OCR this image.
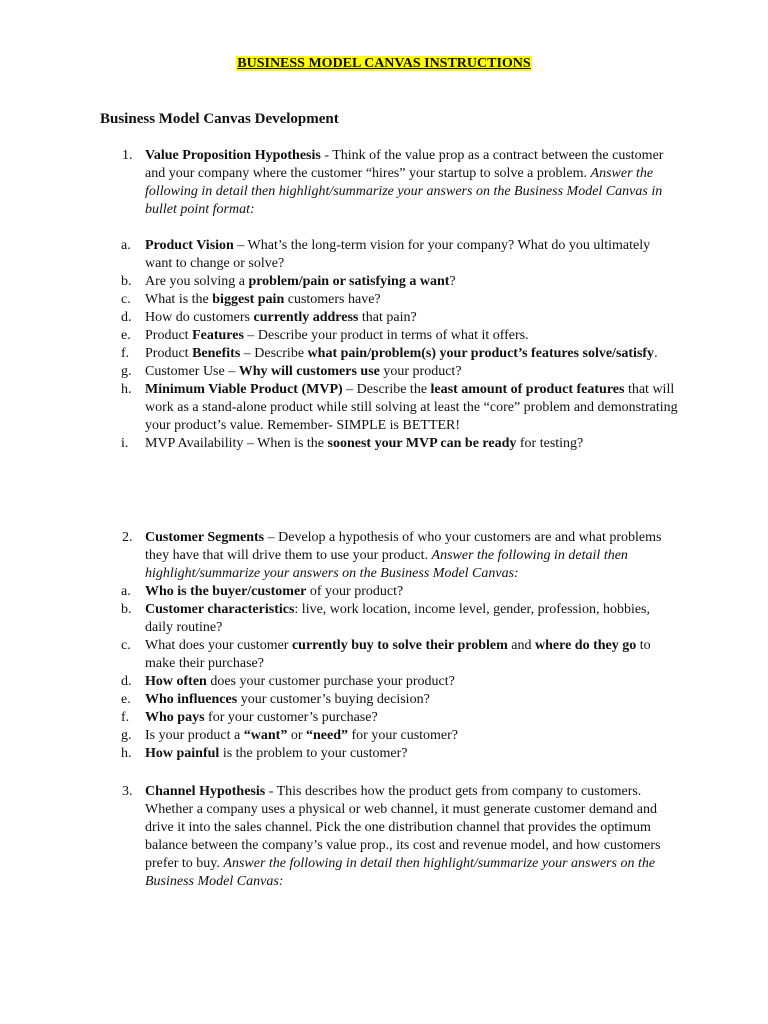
BUSINESS MODEL CANVAS INSTRUCTIONS
Business Model Canvas Development
1. Value Proposition Hypothesis - Think of the value prop as a contract between the customer and your company where the customer “hires” your startup to solve a problem. Answer the following in detail then highlight/summarize your answers on the Business Model Canvas in bullet point format:

a. Product Vision – What’s the long-term vision for your company? What do you ultimately want to change or solve?
b. Are you solving a problem/pain or satisfying a want?
c. What is the biggest pain customers have?
d. How do customers currently address that pain?
e. Product Features – Describe your product in terms of what it offers.
f. Product Benefits – Describe what pain/problem(s) your product’s features solve/satisfy.
g. Customer Use – Why will customers use your product?
h. Minimum Viable Product (MVP) – Describe the least amount of product features that will work as a stand-alone product while still solving at least the “core” problem and demonstrating your product’s value. Remember- SIMPLE is BETTER!
i. MVP Availability – When is the soonest your MVP can be ready for testing?
2. Customer Segments – Develop a hypothesis of who your customers are and what problems they have that will drive them to use your product. Answer the following in detail then highlight/summarize your answers on the Business Model Canvas:

a. Who is the buyer/customer of your product?
b. Customer characteristics: live, work location, income level, gender, profession, hobbies, daily routine?
c. What does your customer currently buy to solve their problem and where do they go to make their purchase?
d. How often does your customer purchase your product?
e. Who influences your customer’s buying decision?
f. Who pays for your customer’s purchase?
g. Is your product a “want” or “need” for your customer?
h. How painful is the problem to your customer?
3. Channel Hypothesis - This describes how the product gets from company to customers. Whether a company uses a physical or web channel, it must generate customer demand and drive it into the sales channel. Pick the one distribution channel that provides the optimum balance between the company’s value prop., its cost and revenue model, and how customers prefer to buy. Answer the following in detail then highlight/summarize your answers on the Business Model Canvas:
